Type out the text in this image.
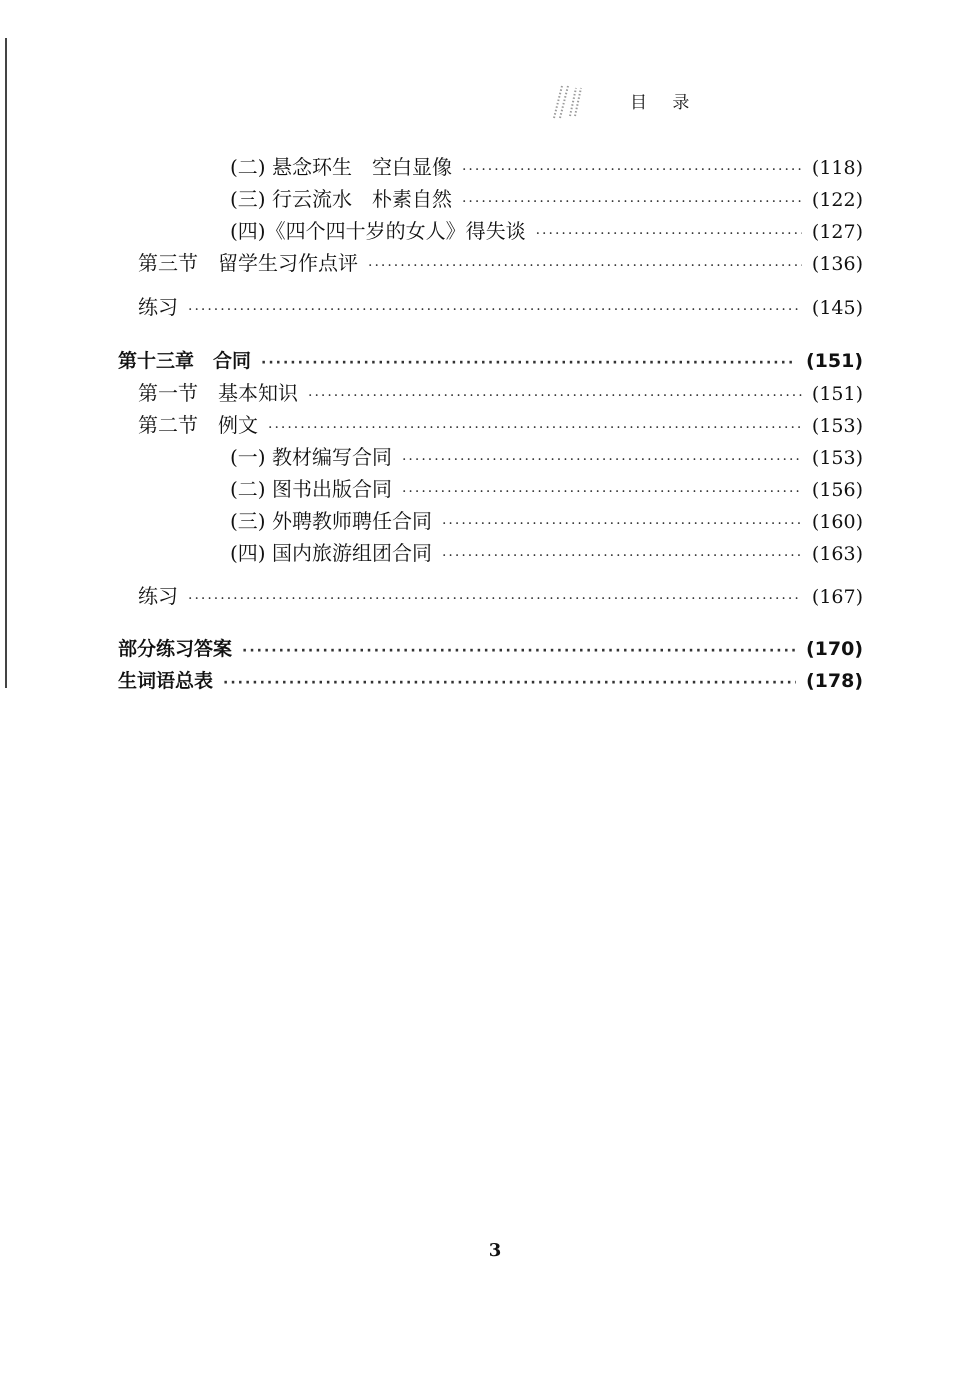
目 录
(二) 悬念环生　空白显像 ·····	(118)
(三) 行云流水　朴素自然 ·····	(122)
(四)《四个四十岁的女人》得失谈 ·····	(127)
第三节　留学生习作点评 ·····	(136)
练习 ·····	(145)
第十三章　合同 ·····	(151)
第一节　基本知识 ·····	(151)
第二节　例文 ·····	(153)
(一) 教材编写合同 ·····	(153)
(二) 图书出版合同 ·····	(156)
(三) 外聘教师聘任合同 ·····	(160)
(四) 国内旅游组团合同 ·····	(163)
练习 ·····	(167)
部分练习答案 ·····	(170)
生词语总表 ·····	(178)
3
